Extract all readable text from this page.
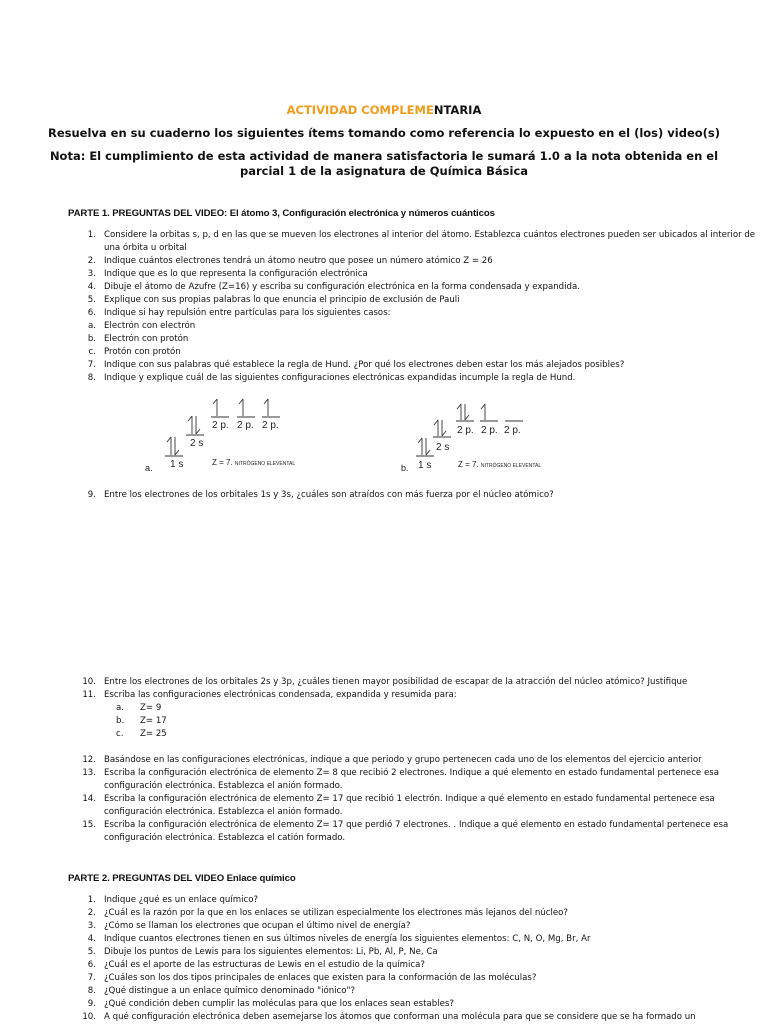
ACTIVIDAD COMPLEMENTARIA
Resuelva en su cuaderno los siguientes ítems tomando como referencia lo expuesto en el (los) video(s)
Nota: El cumplimiento de esta actividad de manera satisfactoria le sumará 1.0 a la nota obtenida en el parcial 1 de la asignatura de Química Básica
PARTE 1. PREGUNTAS DEL VIDEO: El átomo 3, Configuración electrónica y números cuánticos
1. Considere la orbitas s, p, d en las que se mueven los electrones al interior del átomo. Establezca cuántos electrones pueden ser ubicados al interior de una órbita u orbital
2. Indique cuántos electrones tendrá un átomo neutro que posee un número atómico Z = 26
3. Indique que es lo que representa la configuración electrónica
4. Dibuje el átomo de Azufre (Z=16) y escriba su configuración electrónica en la forma condensada y expandida.
5. Explique con sus propias palabras lo que enuncia el principio de exclusión de Pauli
6. Indique si hay repulsión entre partículas para los siguientes casos:
a. Electrón con electrón
b. Electrón con protón
c. Protón con protón
7. Indique con sus palabras qué establece la regla de Hund. ¿Por qué los electrones deben estar los más alejados posibles?
8. Indique y explique cuál de las siguientes configuraciones electrónicas expandidas incumple la regla de Hund.
1 s
2 s
2 p. 2 p. 2 p.
Z = 7. NITRÓGENO ELEVENTAL
a.	1 s
2 s
2 p. 2 p. 2 p.
Z = 7. NITRÓGENO ELEVENTAL
b.
9. Entre los electrones de los orbitales 1s y 3s, ¿cuáles son atraídos con más fuerza por el núcleo atómico?
10. Entre los electrones de los orbitales 2s y 3p, ¿cuáles tienen mayor posibilidad de escapar de la atracción del núcleo atómico? Justifique
11. Escriba las configuraciones electrónicas condensada, expandida y resumida para:
a. Z= 9
b. Z= 17
c. Z= 25
12. Basándose en las configuraciones electrónicas, indique a que periodo y grupo pertenecen cada uno de los elementos del ejercicio anterior
13. Escriba la configuración electrónica de elemento Z= 8 que recibió 2 electrones. Indique a qué elemento en estado fundamental pertenece esa configuración electrónica. Establezca el anión formado.
14. Escriba la configuración electrónica de elemento Z= 17 que recibió 1 electrón. Indique a qué elemento en estado fundamental pertenece esa configuración electrónica. Establezca el anión formado.
15. Escriba la configuración electrónica de elemento Z= 17 que perdió 7 electrones. . Indique a qué elemento en estado fundamental pertenece esa configuración electrónica. Establezca el catión formado.
PARTE 2. PREGUNTAS DEL VIDEO Enlace químico
1. Indique ¿qué es un enlace químico?
2. ¿Cuál es la razón por la que en los enlaces se utilizan especialmente los electrones más lejanos del núcleo?
3. ¿Cómo se llaman los electrones que ocupan el último nivel de energía?
4. Indique cuantos electrones tienen en sus últimos niveles de energía los siguientes elementos: C, N, O, Mg, Br, Ar
5. Dibuje los puntos de Lewis para los siguientes elementos: Li, Pb, Al, P, Ne, Ca
6. ¿Cuál es el aporte de las estructuras de Lewis en el estudio de la química?
7. ¿Cuáles son los dos tipos principales de enlaces que existen para la conformación de las moléculas?
8. ¿Qué distingue a un enlace químico denominado "iónico"?
9. ¿Qué condición deben cumplir las moléculas para que los enlaces sean estables?
10. A qué configuración electrónica deben asemejarse los átomos que conforman una molécula para que se considere que se ha formado un
